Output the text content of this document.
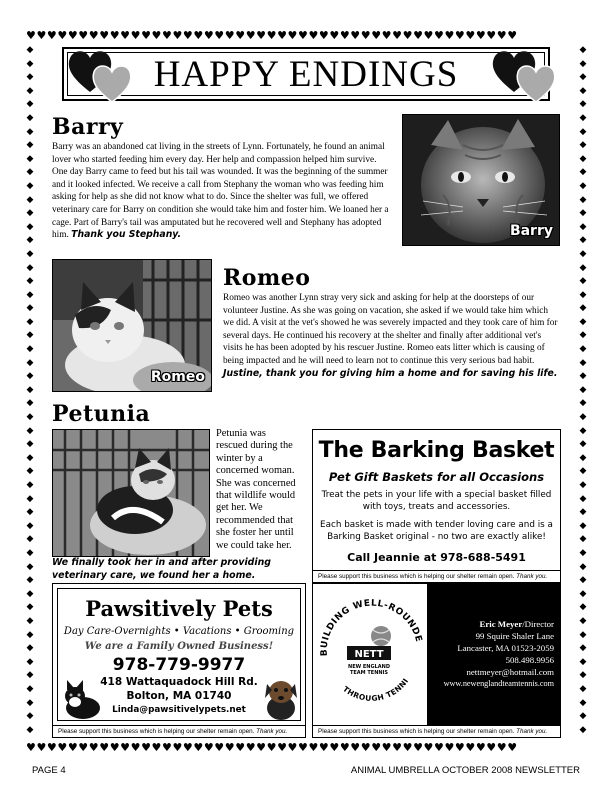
♥♥♥♥♥♥♥♥♥♥♥♥♥♥♥♥♥♥♥♥♥♥♥♥♥♥♥♥♥♥♥♥♥♥♥♥♥♥♥♥♥♥♥♥♥♥♥
♥♥♥♥♥♥♥♥♥♥♥♥♥♥♥♥♥♥♥♥♥♥♥♥♥♥♥♥♥♥♥♥♥♥♥♥♥♥♥♥♥♥♥♥♥♥♥
◆
◆
◆
◆
◆
◆
◆
◆
◆
◆
◆
◆
◆
◆
◆
◆
◆
◆
◆
◆
◆
◆
◆
◆
◆
◆
◆
◆
◆
◆
◆
◆
◆
◆
◆
◆
◆
◆
◆
◆
◆
◆
◆
◆
◆
◆
◆
◆
◆
◆
◆
◆
◆
◆
◆
◆
◆
◆
◆
◆
◆
◆
◆
◆
◆
◆
◆
◆
◆
◆
◆
◆
◆
◆
◆
◆
◆
◆
◆
◆
◆
◆
◆
◆
◆
◆
◆
◆
◆
◆
◆
◆
◆
◆
◆
◆
◆
◆
◆
◆
◆
◆
HAPPY ENDINGS
Barry
Barry was an abandoned cat living in the streets of Lynn. Fortunately, he found an animal lover who started feeding him every day. Her help and compassion helped him survive. One day Barry came to feed but his tail was wounded. It was the beginning of the summer and it looked infected. We receive a call from Stephany the woman who was feeding him asking for help as she did not know what to do. Since the shelter was full, we offered veterinary care for Barry on condition she would take him and foster him. We loaned her a cage. Part of Barry's tail was amputated but he recovered well and Stephany has adopted him. Thank you Stephany.	Barry
Romeo
Romeo
Romeo was another Lynn stray very sick and asking for help at the doorsteps of our volunteer Justine. As she was going on vacation, she asked if we would take him which we did. A visit at the vet's showed he was severely impacted and they took care of him for several days. He continued his recovery at the shelter and finally after additional vet's visits he has been adopted by his rescuer Justine. Romeo eats litter which is causing of being impacted and he will need to learn not to continue this very serious bad habit. Justine, thank you for giving him a home and for saving his life.
Petunia
Petunia was rescued during the winter by a concerned woman. She was concerned that wildlife would get her. We recommended that she foster her until we could take her.
We finally took her in and after providing veterinary care, we found her a home.
The Barking Basket
Pet Gift Baskets for all Occasions
Treat the pets in your life with a special basket filled with toys, treats and accessories.
Each basket is made with tender loving care and is a Barking Basket original - no two are exactly alike!
Call Jeannie at 978-688-5491
Please support this business which is helping our shelter remain open. Thank you.
Pawsitively Pets
Day Care-Overnights • Vacations • Grooming
We are a Family Owned Business!
978-779-9977
418 Wattaquadock Hill Rd.
Bolton, MA 01740
Linda@pawsitivelypets.net
Please support this business which is helping our shelter remain open. Thank you.
BUILDING WELL-ROUNDE
THROUGH TENNI
NETT
NEW ENGLAND
TEAM TENNIS
Eric Meyer/Director
99 Squire Shaler Lane
Lancaster, MA 01523-2059
508.498.9956
nettmeyer@hotmail.com
www.newenglandteamtennis.com
Please support this business which is helping our shelter remain open. Thank you.
PAGE 4	ANIMAL UMBRELLA OCTOBER 2008 NEWSLETTER
